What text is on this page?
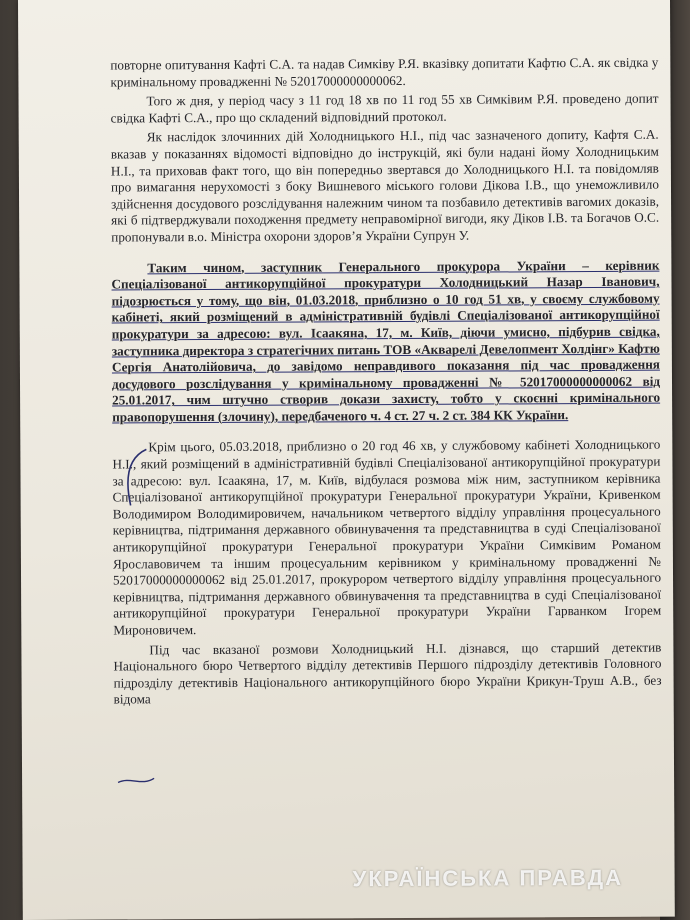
повторне опитування Кафті С.А. та надав Симківу Р.Я. вказівку допитати Кафтю С.А. як свідка у кримінальному провадженні № 52017000000000062.

Того ж дня, у період часу з 11 год 18 хв по 11 год 55 хв Симківим Р.Я. проведено допит свідка Кафті С.А., про що складений відповідний протокол.

Як наслідок злочинних дій Холодницького Н.І., під час зазначеного допиту, Кафтя С.А. вказав у показаннях відомості відповідно до інструкцій, які були надані йому Холодницьким Н.І., та приховав факт того, що він попередньо звертався до Холодницького Н.І. та повідомляв про вимагання нерухомості з боку Вишневого міського голови Дікова І.В., що унеможливило здійснення досудового розслідування належним чином та позбавило детективів вагомих доказів, які б підтверджували походження предмету неправомірної вигоди, яку Діков І.В. та Богачов О.С. пропонували в.о. Міністра охорони здоров’я України Супрун У.

Таким чином, заступник Генерального прокурора України – керівник Спеціалізованої антикорупційної прокуратури Холодницький Назар Іванович, підозрюється у тому, що він, 01.03.2018, приблизно о 10 год 51 хв, у своєму службовому кабінеті, який розміщений в адміністративній будівлі Спеціалізованої антикорупційної прокуратури за адресою: вул. Ісаакяна, 17, м. Київ, діючи умисно, підбурив свідка, заступника директора з стратегічних питань ТОВ «Акварелі Девелопмент Холдінг» Кафтю Сергія Анатолійовича, до завідомо неправдивого показання під час провадження досудового розслідування у кримінальному провадженні № 52017000000000062 від 25.01.2017, чим штучно створив докази захисту, тобто у скоєнні кримінального правопорушення (злочину), передбаченого ч. 4 ст. 27 ч. 2 ст. 384 КК України.

Крім цього, 05.03.2018, приблизно о 20 год 46 хв, у службовому кабінеті Холодницького Н.І., який розміщений в адміністративній будівлі Спеціалізованої антикорупційної прокуратури за адресою: вул. Ісаакяна, 17, м. Київ, відбулася розмова між ним, заступником керівника Спеціалізованої антикорупційної прокуратури Генеральної прокуратури України, Кривенком Володимиром Володимировичем, начальником четвертого відділу управління процесуального керівництва, підтримання державного обвинувачення та представництва в суді Спеціалізованої антикорупційної прокуратури Генеральної прокуратури України Симківим Романом Ярославовичем та іншим процесуальним керівником у кримінальному провадженні № 52017000000000062 від 25.01.2017, прокурором четвертого відділу управління процесуального керівництва, підтримання державного обвинувачення та представництва в суді Спеціалізованої антикорупційної прокуратури Генеральної прокуратури України Гарванком Ігорем Мироновичем.

Під час вказаної розмови Холодницький Н.І. дізнався, що старший детектив Національного бюро Четвертого відділу детективів Першого підрозділу детективів Головного підрозділу детективів Національного антикорупційного бюро України Крикун-Труш А.В., без відома

УКРАЇНСЬКА ПРАВДА
